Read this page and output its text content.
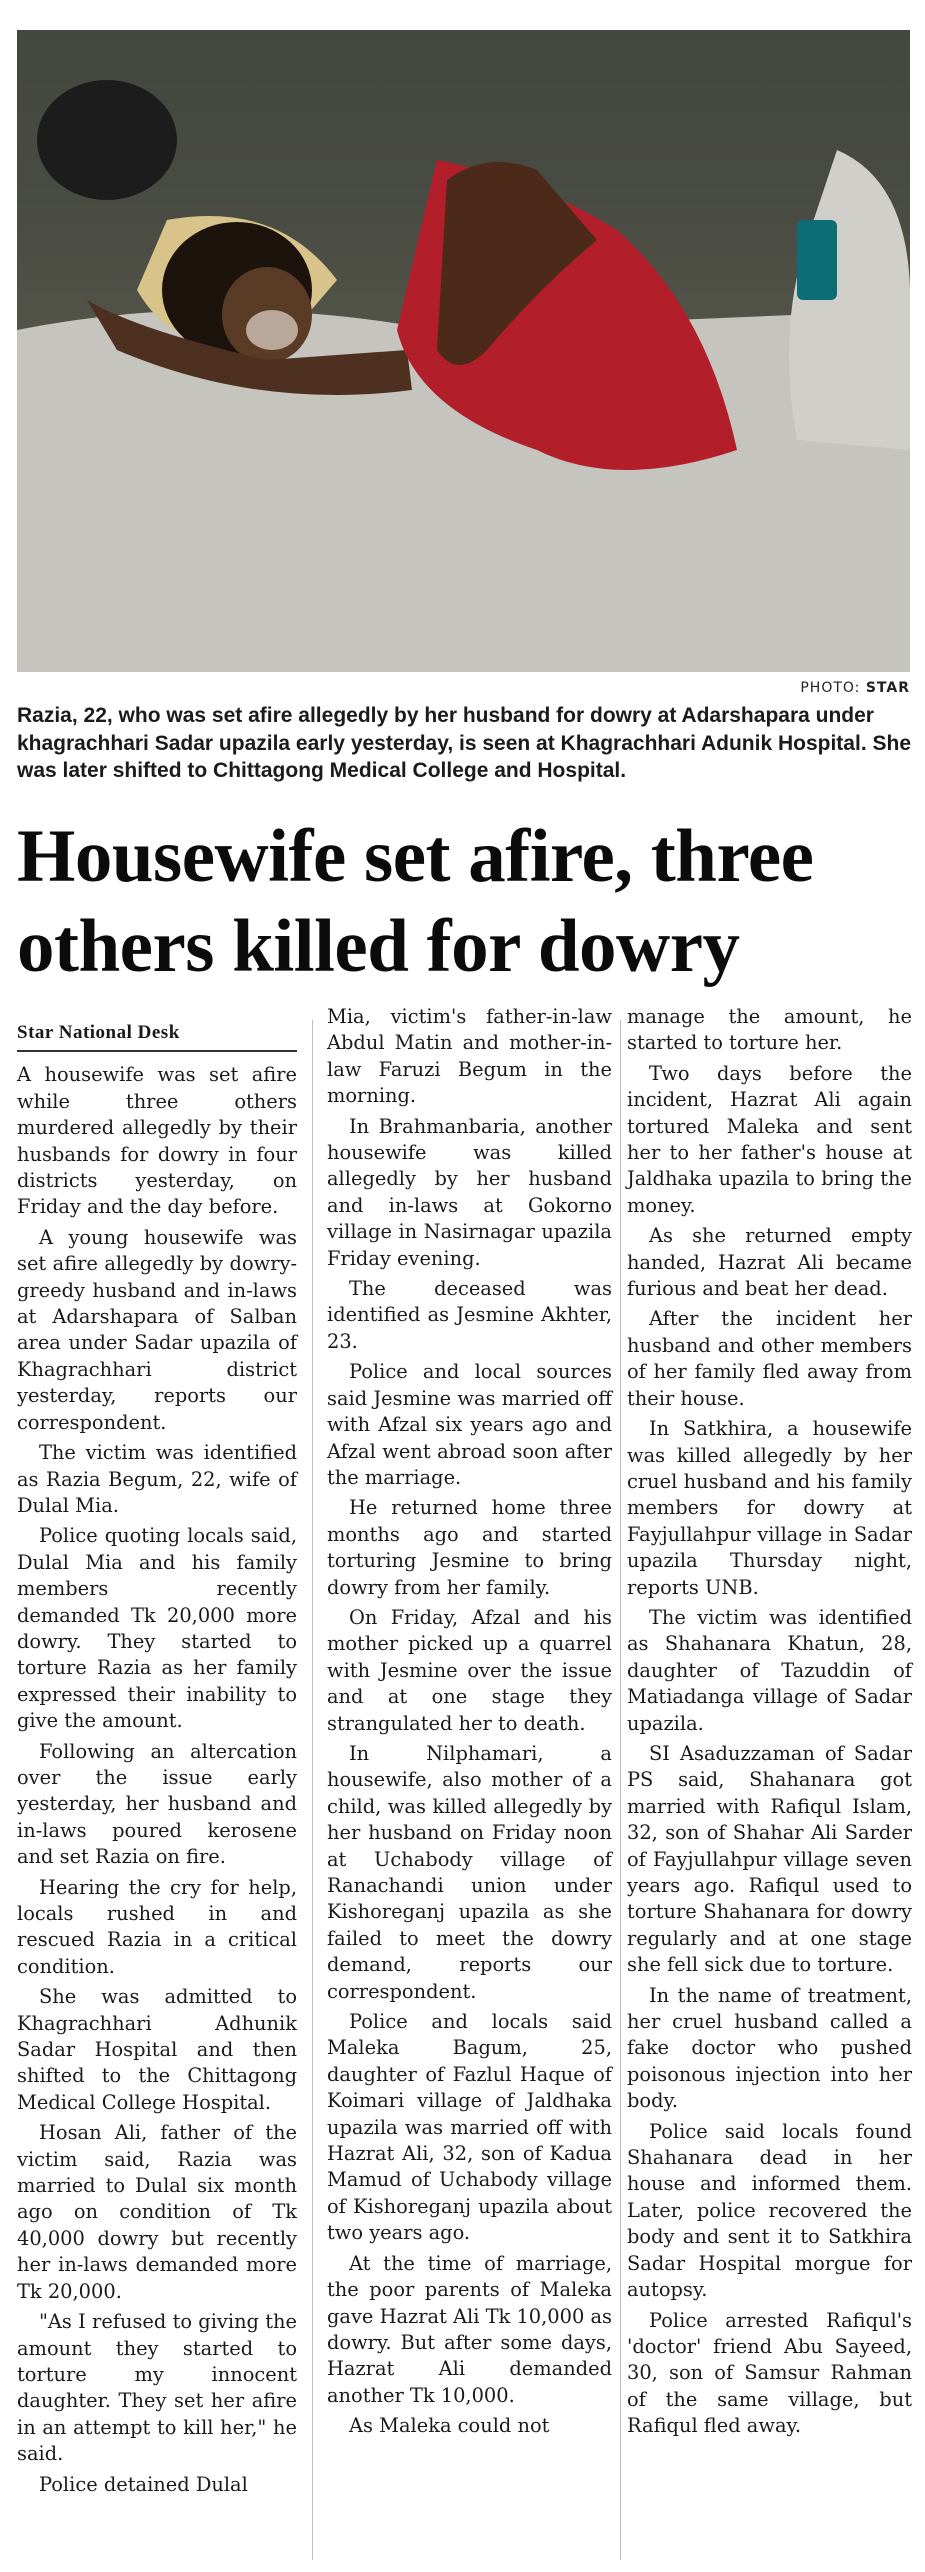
PHOTO: STAR
Razia, 22, who was set afire allegedly by her husband for dowry at Adarshapara under khagrachhari Sadar upazila early yesterday, is seen at Khagrachhari Adunik Hospital. She was later shifted to Chittagong Medical College and Hospital.
Housewife set afire, three others killed for dowry

Star National Desk

A housewife was set afire while three others murdered allegedly by their husbands for dowry in four districts yesterday, on Friday and the day before.

A young housewife was set afire allegedly by dowry-greedy husband and in-laws at Adarshapara of Salban area under Sadar upazila of Khagrachhari district yesterday, reports our correspondent.

The victim was identified as Razia Begum, 22, wife of Dulal Mia.

Police quoting locals said, Dulal Mia and his family members recently demanded Tk 20,000 more dowry. They started to torture Razia as her family expressed their inability to give the amount.

Following an altercation over the issue early yesterday, her husband and in-laws poured kerosene and set Razia on fire.

Hearing the cry for help, locals rushed in and rescued Razia in a critical condition.

She was admitted to Khagrachhari Adhunik Sadar Hospital and then shifted to the Chittagong Medical College Hospital.

Hosan Ali, father of the victim said, Razia was married to Dulal six month ago on condition of Tk 40,000 dowry but recently her in-laws demanded more Tk 20,000.

"As I refused to giving the amount they started to torture my innocent daughter. They set her afire in an attempt to kill her," he said.

Police detained Dulal

Mia, victim's father-in-law Abdul Matin and mother-in-law Faruzi Begum in the morning.

In Brahmanbaria, another housewife was killed allegedly by her husband and in-laws at Gokorno village in Nasirnagar upazila Friday evening.

The deceased was identified as Jesmine Akhter, 23.

Police and local sources said Jesmine was married off with Afzal six years ago and Afzal went abroad soon after the marriage.

He returned home three months ago and started torturing Jesmine to bring dowry from her family.

On Friday, Afzal and his mother picked up a quarrel with Jesmine over the issue and at one stage they strangulated her to death.

In Nilphamari, a housewife, also mother of a child, was killed allegedly by her husband on Friday noon at Uchabody village of Ranachandi union under Kishoreganj upazila as she failed to meet the dowry demand, reports our correspondent.

Police and locals said Maleka Bagum, 25, daughter of Fazlul Haque of Koimari village of Jaldhaka upazila was married off with Hazrat Ali, 32, son of Kadua Mamud of Uchabody village of Kishoreganj upazila about two years ago.

At the time of marriage, the poor parents of Maleka gave Hazrat Ali Tk 10,000 as dowry. But after some days, Hazrat Ali demanded another Tk 10,000.

As Maleka could not

manage the amount, he started to torture her.

Two days before the incident, Hazrat Ali again tortured Maleka and sent her to her father's house at Jaldhaka upazila to bring the money.

As she returned empty handed, Hazrat Ali became furious and beat her dead.

After the incident her husband and other members of her family fled away from their house.

In Satkhira, a housewife was killed allegedly by her cruel husband and his family members for dowry at Fayjullahpur village in Sadar upazila Thursday night, reports UNB.

The victim was identified as Shahanara Khatun, 28, daughter of Tazuddin of Matiadanga village of Sadar upazila.

SI Asaduzzaman of Sadar PS said, Shahanara got married with Rafiqul Islam, 32, son of Shahar Ali Sarder of Fayjullahpur village seven years ago. Rafiqul used to torture Shahanara for dowry regularly and at one stage she fell sick due to torture.

In the name of treatment, her cruel husband called a fake doctor who pushed poisonous injection into her body.

Police said locals found Shahanara dead in her house and informed them. Later, police recovered the body and sent it to Satkhira Sadar Hospital morgue for autopsy.

Police arrested Rafiqul's 'doctor' friend Abu Sayeed, 30, son of Samsur Rahman of the same village, but Rafiqul fled away.
